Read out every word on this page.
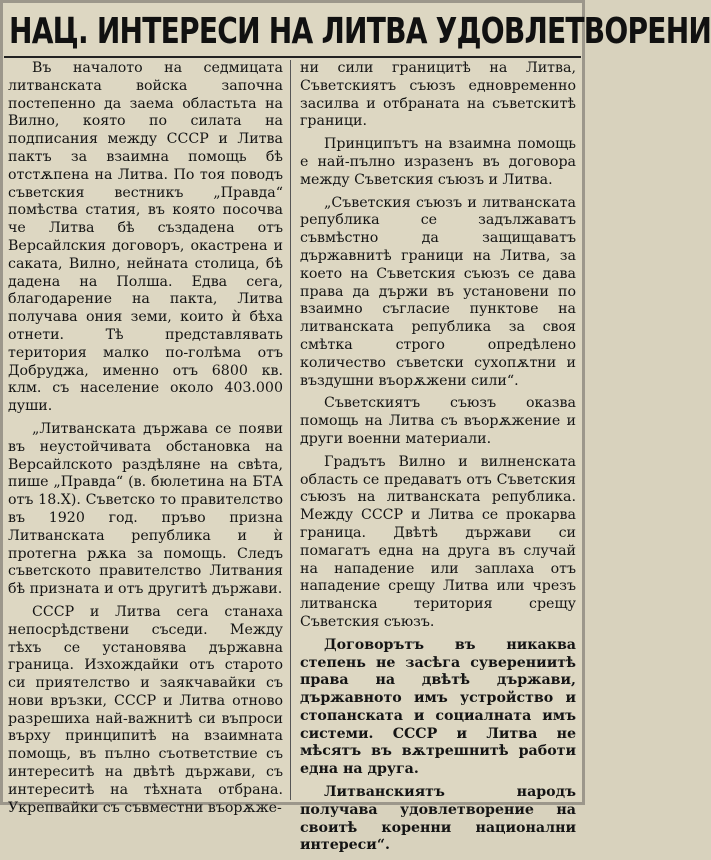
НАЦ. ИНТЕРЕСИ НА ЛИТВА УДОВЛЕТВОРЕНИ

Въ началото на седмицата литванската войска започна постепенно да заема областьта на Вилно, която по силата на подписания между СССР и Литва пактъ за взаимна помощь бѣ отстѫпена на Литва. По тоя поводъ съветския вестникъ „Правда“ помѣства статия, въ която посочва че Литва бѣ създадена отъ Версайлския договоръ, окастрена и саката, Вилно, нейната столица, бѣ дадена на Полша. Едва сега, благодарение на пакта, Литва получава ония земи, които ѝ бѣха отнети. Тѣ представлявать територия малко по-голѣма отъ Добруджа, именно отъ 6800 кв. клм. съ население около 403.000 души.

„Литванската държава се появи въ неустойчивата обстановка на Версайлското раздѣляне на свѣта, пише „Правда“ (в. бюлетина на БТА отъ 18.X). Съветско то правителство въ 1920 год. пръво призна Литванската република и ѝ протегна рѫка за помощь. Следъ съветското правителство Литвания бѣ призната и отъ другитѣ държави.

СССР и Литва сега станаха непосрѣдствени съседи. Между тѣхъ се установява държавна граница. Изхождайки отъ старото си приятелство и заякчавайки съ нови връзки, СССР и Литва отново разрешиха най-важнитѣ си въпроси върху принципитѣ на взаимната помощь, въ пълно съответствие съ интереситѣ на двѣтѣ държави, съ интереситѣ на тѣхната отбрана. Укрепвайки съ съвместни въорѫже-

ни сили границитѣ на Литва, Съветскиятъ съюзъ едновременно засилва и отбраната на съветскитѣ граници.

Принципътъ на взаимна помощь е най-пълно изразенъ въ договора между Съветския съюзъ и Литва.

„Съветския съюзъ и литванската република се задължаватъ съвмѣстно да защищаватъ държавнитѣ граници на Литва, за което на Съветския съюзъ се дава права да държи въ установени по взаимно съгласие пунктове на литванската република за своя смѣтка строго опредѣлено количество съветски сухопѫтни и въздушни въорѫжени сили“.

Съветскиятъ съюзъ оказва помощь на Литва съ въорѫжение и други военни материали.

Градътъ Вилно и вилненската область се предаватъ отъ Съветския съюзъ на литванската република. Между СССР и Литва се прокарва граница. Двѣтѣ държави си помагатъ една на друга въ случай на нападение или заплаха отъ нападение срещу Литва или чрезъ литванска територия срещу Съветския съюзъ.

Договорътъ въ никаква степень не засѣга суверениитѣ права на двѣтѣ държави, държавното имъ устройство и стопанската и социалната имъ системи. СССР и Литва не мѣсятъ въ вѫтрешнитѣ работи една на друга.

Литванскиятъ народъ получава удовлетворение на своитѣ коренни национални интереси“.
